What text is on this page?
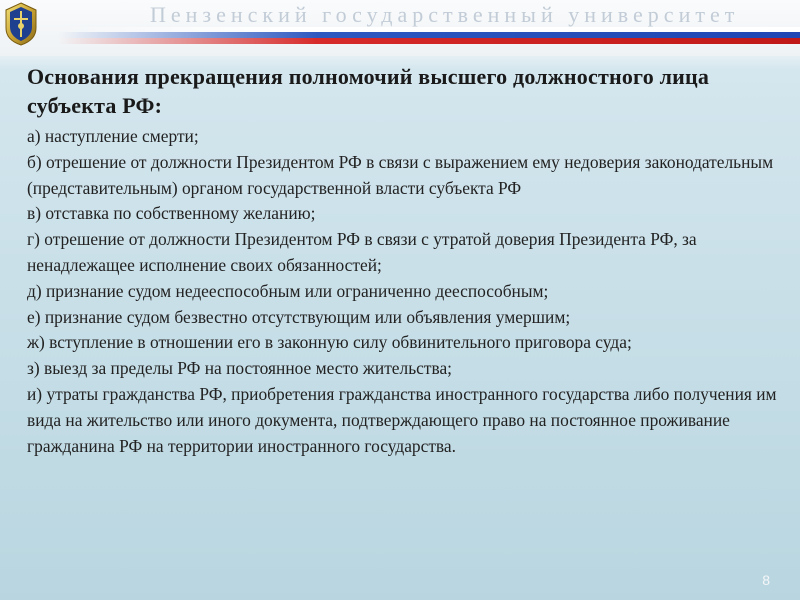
Пензенский государственный университет

Основания прекращения полномочий высшего должностного лица субъекта РФ:

а) наступление смерти;

б) отрешение от должности Президентом РФ в связи с выражением ему недоверия законодательным (представительным) органом государственной власти субъекта РФ

в) отставка по собственному желанию;

г) отрешение от должности Президентом РФ в связи с утратой доверия Президента РФ, за ненадлежащее исполнение своих обязанностей;

д) признание судом недееспособным или ограниченно дееспособным;

е) признание судом безвестно отсутствующим или объявления умершим;

ж) вступление в отношении его в законную силу обвинительного приговора суда;

з) выезд за пределы РФ на постоянное место жительства;

и) утраты гражданства РФ, приобретения гражданства иностранного государства либо получения им вида на жительство или иного документа, подтверждающего право на постоянное проживание гражданина РФ на территории иностранного государства.

8
